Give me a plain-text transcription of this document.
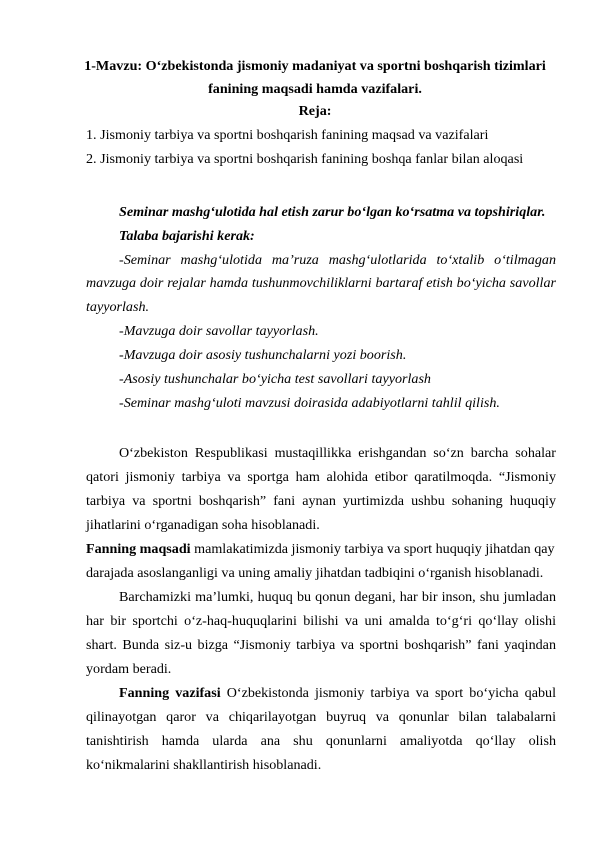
1-Mavzu: O‘zbekistonda jismoniy madaniyat va sportni boshqarish tizimlari
fanining maqsadi hamda vazifalari.
Reja:
1. Jismoniy tarbiya va sportni boshqarish fanining maqsad va vazifalari
2. Jismoniy tarbiya va sportni boshqarish fanining boshqa fanlar bilan aloqasi
Seminar mashg‘ulotida hal etish zarur bo‘lgan ko‘rsatma va topshiriqlar.
Talaba bajarishi kerak:
-Seminar mashg‘ulotida ma’ruza mashg‘ulotlarida to‘xtalib o‘tilmagan
mavzuga doir rejalar hamda tushunmovchiliklarni bartaraf etish bo‘yicha savollar
tayyorlash.
-Mavzuga doir savollar tayyorlash.
-Mavzuga doir asosiy tushunchalarni yozi boorish.
-Asosiy tushunchalar bo‘yicha test savollari tayyorlash
-Seminar mashg‘uloti mavzusi doirasida adabiyotlarni tahlil qilish.
O‘zbekiston Respublikasi mustaqillikka erishgandan so‘zn barcha sohalar
qatori jismoniy tarbiya va sportga ham alohida etibor qaratilmoqda. “Jismoniy
tarbiya va sportni boshqarish” fani aynan yurtimizda ushbu sohaning huquqiy
jihatlarini o‘rganadigan soha hisoblanadi.
Fanning maqsadi mamlakatimizda jismoniy tarbiya va sport huquqiy jihatdan qay
darajada asoslanganligi va uning amaliy jihatdan tadbiqini o‘rganish hisoblanadi.
Barchamizki ma’lumki, huquq bu qonun degani, har bir inson, shu jumladan
har bir sportchi o‘z-haq-huquqlarini bilishi va uni amalda to‘g‘ri qo‘llay olishi
shart. Bunda siz-u bizga “Jismoniy tarbiya va sportni boshqarish” fani yaqindan
yordam beradi.
Fanning vazifasi O‘zbekistonda jismoniy tarbiya va sport bo‘yicha qabul
qilinayotgan qaror va chiqarilayotgan buyruq va qonunlar bilan talabalarni
tanishtirish hamda ularda ana shu qonunlarni amaliyotda qo‘llay olish
ko‘nikmalarini shakllantirish hisoblanadi.
